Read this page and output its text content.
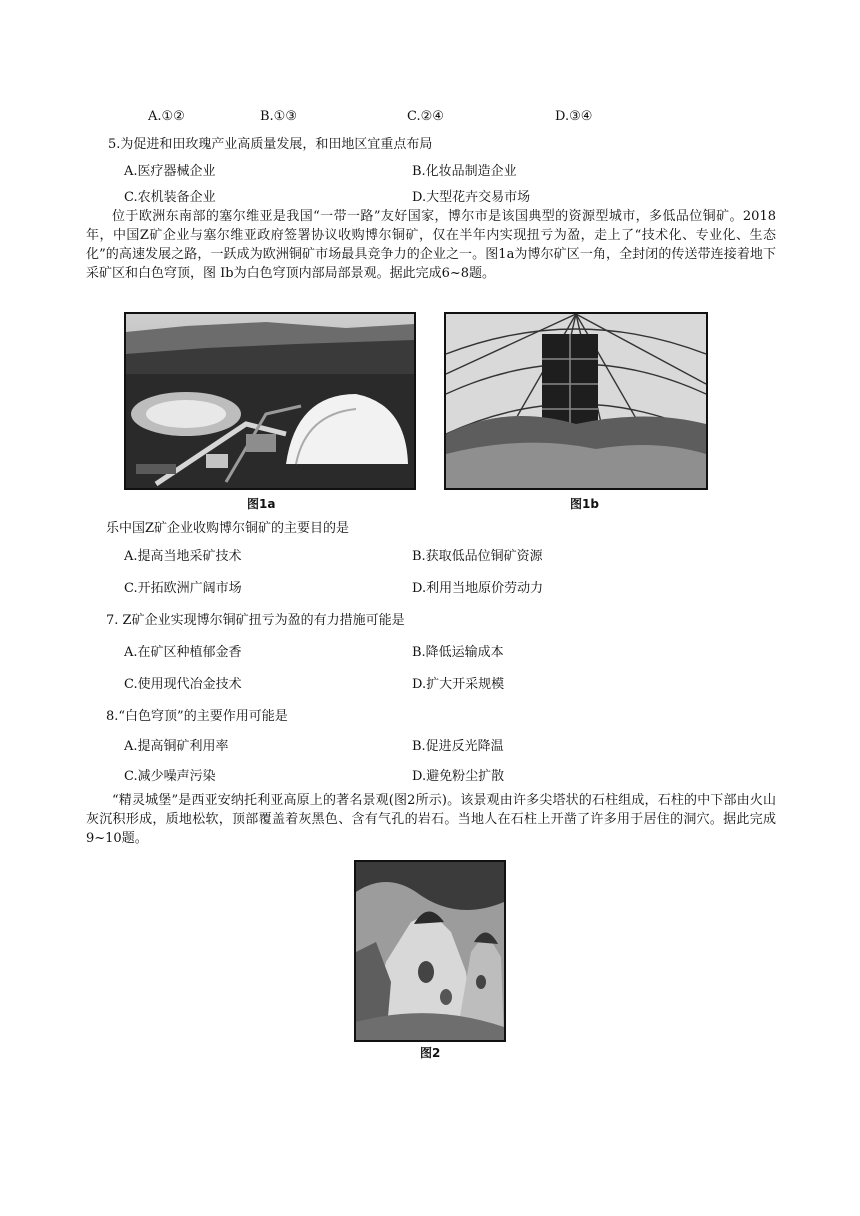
A.①②	B.①③	C.②④	D.③④
5.为促进和田玫瑰产业高质量发展，和田地区宜重点布局
A.医疗器械企业	B.化妆品制造企业
C.农机装备企业	D.大型花卉交易市场
位于欧洲东南部的塞尔维亚是我国“一带一路”友好国家，博尔市是该国典型的资源型城市，多低品位铜矿。2018年，中国Z矿企业与塞尔维亚政府签署协议收购博尔铜矿，仅在半年内实现扭亏为盈，走上了“技术化、专业化、生态化”的高速发展之路，一跃成为欧洲铜矿市场最具竞争力的企业之一。图1a为博尔矿区一角，全封闭的传送带连接着地下采矿区和白色穹顶，图 Ib为白色穹顶内部局部景观。据此完成6~8题。
图1a	图1b
乐中国Z矿企业收购博尔铜矿的主要目的是
A.提高当地采矿技术	B.获取低品位铜矿资源
C.开拓欧洲广阔市场	D.利用当地原价劳动力
7. Z矿企业实现博尔铜矿扭亏为盈的有力措施可能是
A.在矿区种植郁金香	B.降低运输成本
C.使用现代冶金技术	D.扩大开采规模
8.“白色穹顶”的主要作用可能是
A.提高铜矿利用率	B.促进反光降温
C.减少噪声污染	D.避免粉尘扩散
“精灵城堡”是西亚安纳托利亚高原上的著名景观(图2所示)。该景观由许多尖塔状的石柱组成，石柱的中下部由火山灰沉积形成，质地松软，顶部覆盖着灰黑色、含有气孔的岩石。当地人在石柱上开凿了许多用于居住的洞穴。据此完成9~10题。
图2
